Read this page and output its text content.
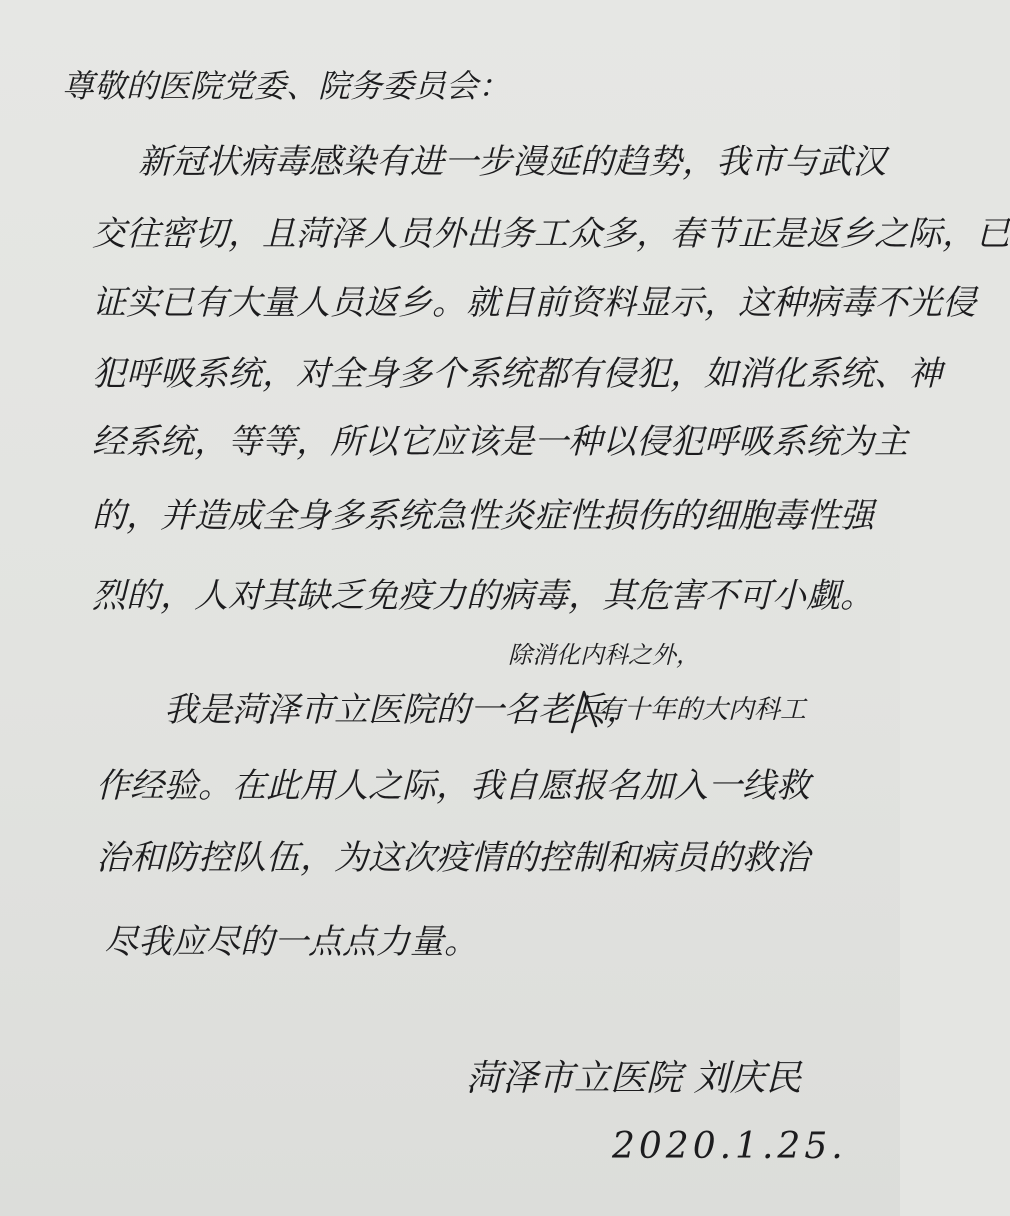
尊敬的医院党委、院务委员会：
新冠状病毒感染有进一步漫延的趋势，我市与武汉
交往密切，且菏泽人员外出务工众多，春节正是返乡之际，已
证实已有大量人员返乡。就目前资料显示，这种病毒不光侵
犯呼吸系统，对全身多个系统都有侵犯，如消化系统、神
经系统，等等，所以它应该是一种以侵犯呼吸系统为主
的，并造成全身多系统急性炎症性损伤的细胞毒性强
烈的，人对其缺乏免疫力的病毒，其危害不可小觑。
除消化内科之外，
我是菏泽市立医院的一名老兵，
有十年的大内科工
作经验。在此用人之际，我自愿报名加入一线救
治和防控队伍，为这次疫情的控制和病员的救治
尽我应尽的一点点力量。
菏泽市立医院 刘庆民
2020.1.25.
